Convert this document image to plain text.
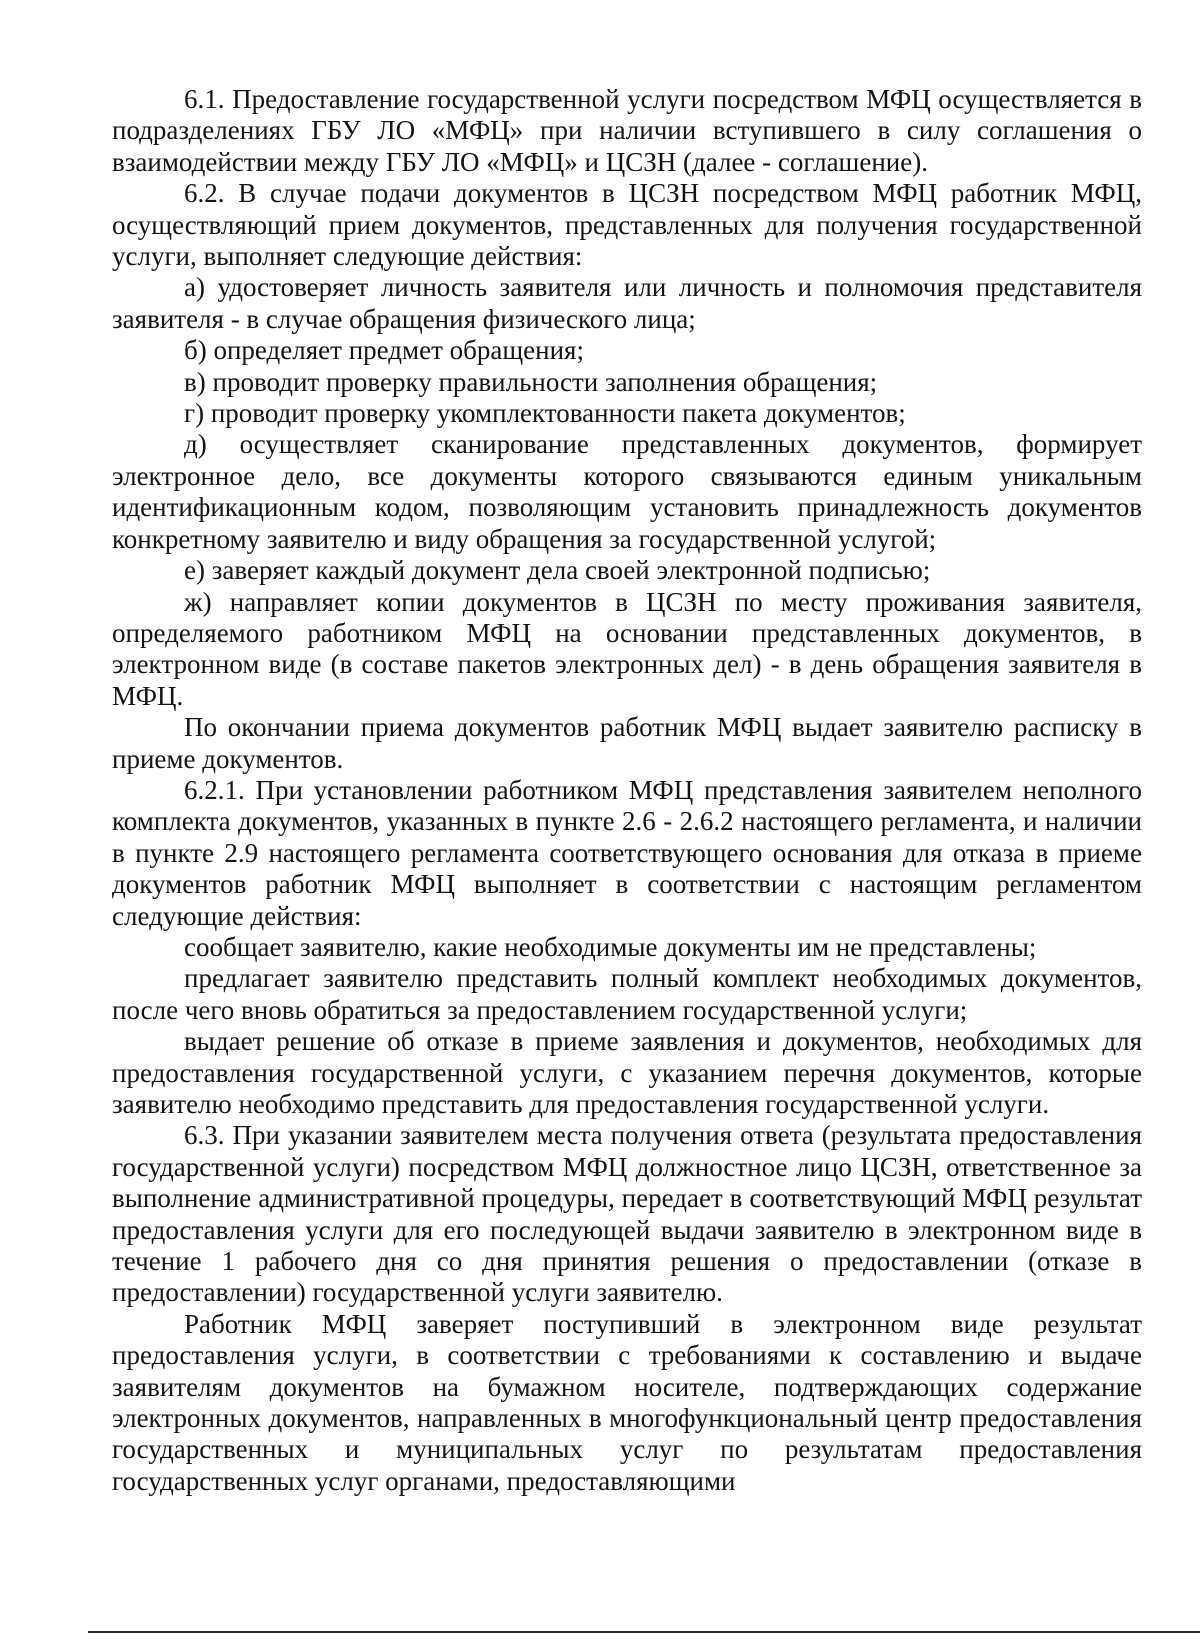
6.1. Предоставление государственной услуги посредством МФЦ осуществляется в подразделениях ГБУ ЛО «МФЦ» при наличии вступившего в силу соглашения о взаимодействии между ГБУ ЛО «МФЦ» и ЦСЗН (далее - соглашение).

6.2. В случае подачи документов в ЦСЗН посредством МФЦ работник МФЦ, осуществляющий прием документов, представленных для получения государственной услуги, выполняет следующие действия:

а) удостоверяет личность заявителя или личность и полномочия представителя заявителя - в случае обращения физического лица;

б) определяет предмет обращения;

в) проводит проверку правильности заполнения обращения;

г) проводит проверку укомплектованности пакета документов;

д) осуществляет сканирование представленных документов, формирует электронное дело, все документы которого связываются единым уникальным идентификационным кодом, позволяющим установить принадлежность документов конкретному заявителю и виду обращения за государственной услугой;

е) заверяет каждый документ дела своей электронной подписью;

ж) направляет копии документов в ЦСЗН по месту проживания заявителя, определяемого работником МФЦ на основании представленных документов, в электронном виде (в составе пакетов электронных дел) - в день обращения заявителя в МФЦ.

По окончании приема документов работник МФЦ выдает заявителю расписку в приеме документов.

6.2.1. При установлении работником МФЦ представления заявителем неполного комплекта документов, указанных в пункте 2.6 - 2.6.2 настоящего регламента, и наличии в пункте 2.9 настоящего регламента соответствующего основания для отказа в приеме документов работник МФЦ выполняет в соответствии с настоящим регламентом следующие действия:

сообщает заявителю, какие необходимые документы им не представлены;

предлагает заявителю представить полный комплект необходимых документов, после чего вновь обратиться за предоставлением государственной услуги;

выдает решение об отказе в приеме заявления и документов, необходимых для предоставления государственной услуги, с указанием перечня документов, которые заявителю необходимо представить для предоставления государственной услуги.

6.3. При указании заявителем места получения ответа (результата предоставления государственной услуги) посредством МФЦ должностное лицо ЦСЗН, ответственное за выполнение административной процедуры, передает в соответствующий МФЦ результат предоставления услуги для его последующей выдачи заявителю в электронном виде в течение 1 рабочего дня со дня принятия решения о предоставлении (отказе в предоставлении) государственной услуги заявителю.

Работник МФЦ заверяет поступивший в электронном виде результат предоставления услуги, в соответствии с требованиями к составлению и выдаче заявителям документов на бумажном носителе, подтверждающих содержание электронных документов, направленных в многофункциональный центр предоставления государственных и муниципальных услуг по результатам предоставления государственных услуг органами, предоставляющими
